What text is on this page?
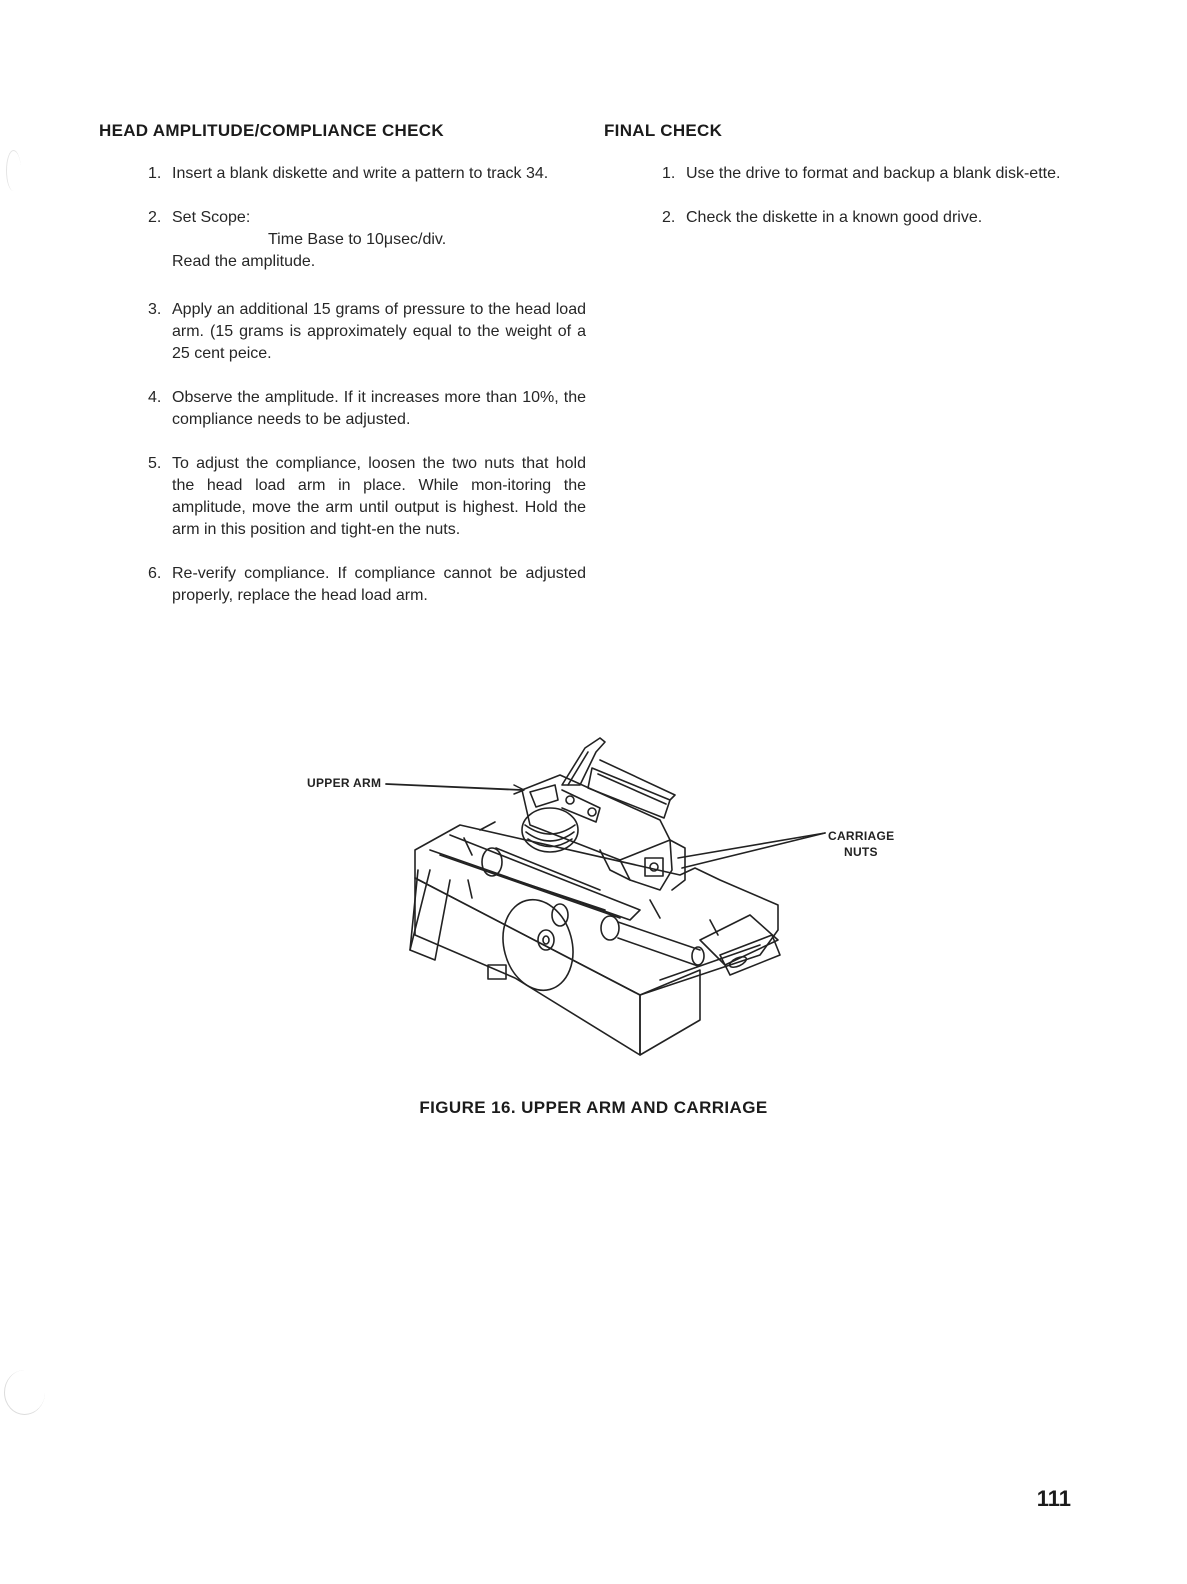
HEAD AMPLITUDE/COMPLIANCE CHECK
1. Insert a blank diskette and write a pattern to track 34.

2. Set Scope:

Time Base to 10μsec/div.

Read the amplitude.

3. Apply an additional 15 grams of pressure to the head load arm. (15 grams is approximately equal to the weight of a 25 cent peice.

4. Observe the amplitude. If it increases more than 10%, the compliance needs to be adjusted.

5. To adjust the compliance, loosen the two nuts that hold the head load arm in place. While mon-itoring the amplitude, move the arm until output is highest. Hold the arm in this position and tight-en the nuts.

6. Re-verify compliance. If compliance cannot be adjusted properly, replace the head load arm.

FINAL CHECK
1. Use the drive to format and backup a blank disk-ette.

2. Check the diskette in a known good drive.

UPPER ARM
CARRIAGE
NUTS
FIGURE 16. UPPER ARM AND CARRIAGE
111
